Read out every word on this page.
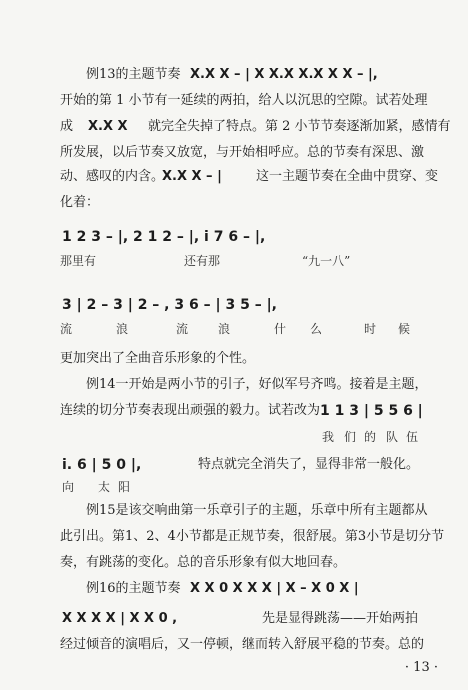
例13的主题节奏 X.X X – | X X.X X.X X X – |,
开始的第 1 小节有一延续的两拍，给人以沉思的空隙。试若处理
成 X.X X 就完全失掉了特点。第 2 小节节奏逐渐加紧，感情有
所发展，以后节奏又放宽，与开始相呼应。总的节奏有深思、激
动、感叹的内含。
X.X X – |	这一主题节奏在全曲中贯穿、变
化着：
1 2 3 – |, 2 1 2 – |, i 7 6 – |,
那里有	还有那	“九一八”
3 | 2 – 3 | 2 – , 3 6 – | 3 5 – |,
流	浪	流 浪	什 么	时 候
更加突出了全曲音乐形象的个性。
例14一开始是两小节的引子，好似军号齐鸣。接着是主题，
连续的切分节奏表现出顽强的毅力。试若改为 1 1 3 | 5 5 6 |
我 们 的 队 伍
i. 6 | 5 0 |,	特点就完全消失了，显得非常一般化。
向 太 阳
例15是该交响曲第一乐章引子的主题，乐章中所有主题都从
此引出。第1、2、4小节都是正规节奏，很舒展。第3小节是切分节
奏，有跳荡的变化。总的音乐形象有似大地回春。
例16的主题节奏 X X 0 X X X | X – X 0 X |
X X X X | X X 0 ,	先是显得跳荡——开始两拍
经过倾音的演唱后，又一停顿，继而转入舒展平稳的节奏。总的
· 13 ·
